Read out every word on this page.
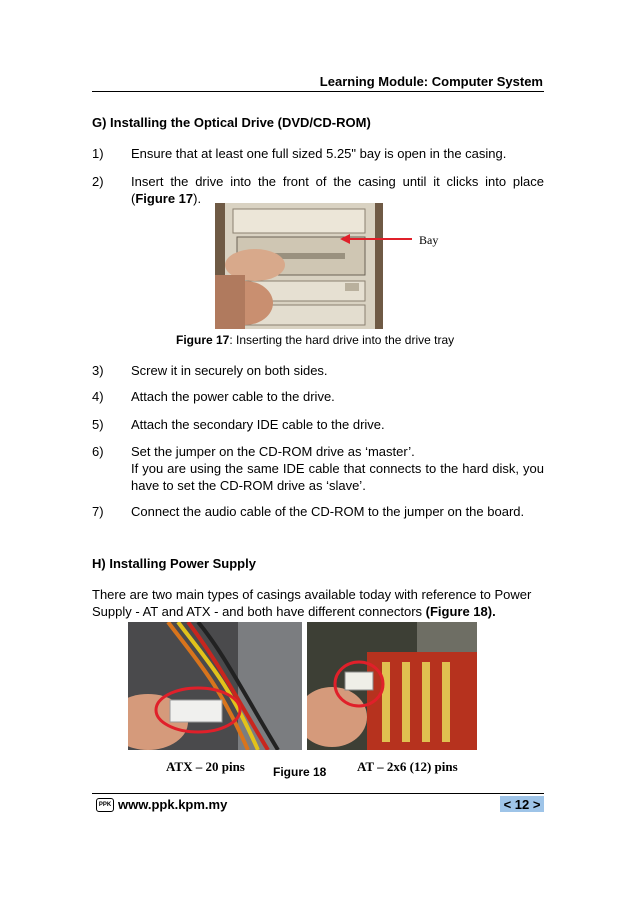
Learning Module: Computer System
G) Installing the Optical Drive (DVD/CD-ROM)
1) Ensure that at least one full sized 5.25" bay is open in the casing.
2) Insert the drive into the front of the casing until it clicks into place (Figure 17).
Bay
Figure 17: Inserting the hard drive into the drive tray
3) Screw it in securely on both sides.
4) Attach the power cable to the drive.
5) Attach the secondary IDE cable to the drive.
6) Set the jumper on the CD-ROM drive as ‘master’.
If you are using the same IDE cable that connects to the hard disk, you have to set the CD-ROM drive as ‘slave’.
7) Connect the audio cable of the CD-ROM to the jumper on the board.
H) Installing Power Supply
There are two main types of casings available today with reference to Power Supply - AT and ATX - and both have different connectors (Figure 18).
ATX – 20 pins Figure 18 AT – 2x6 (12) pins
PPK www.ppk.kpm.my	< 12 >
